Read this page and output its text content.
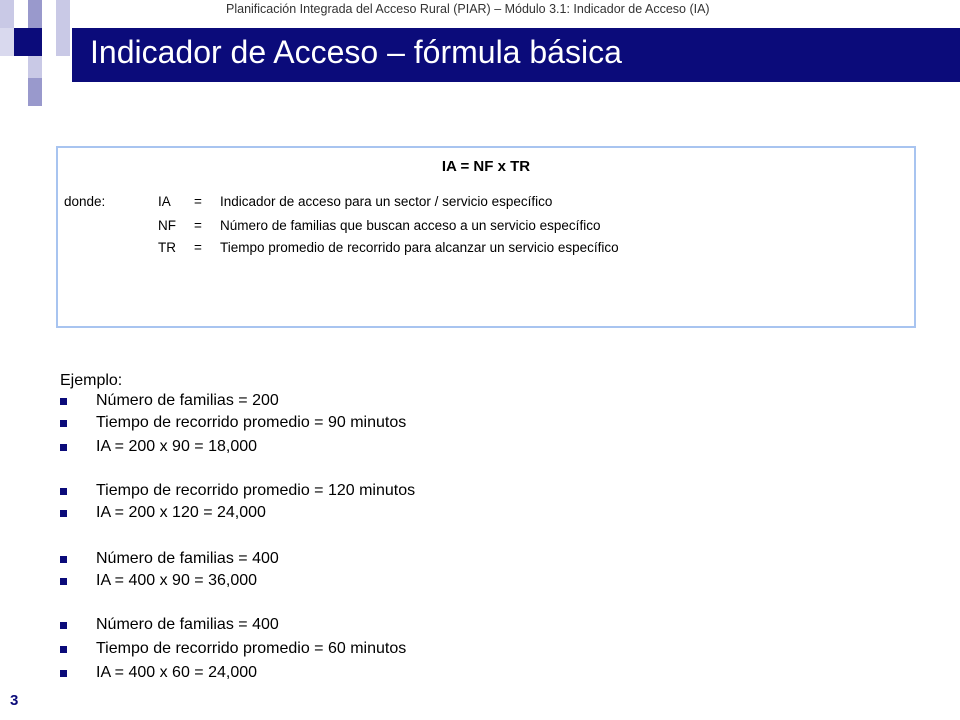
Planificación Integrada del Acceso Rural (PIAR) – Módulo 3.1: Indicador de Acceso (IA)
Indicador de Acceso – fórmula básica
IA = NF x TR
donde:	IA = Indicador de acceso para un sector / servicio específico
NF = Número de familias que buscan acceso a un servicio específico
TR = Tiempo promedio de recorrido para alcanzar un servicio específico
Ejemplo:
Número de familias = 200
Tiempo de recorrido promedio = 90 minutos
IA = 200 x 90 = 18,000
Tiempo de recorrido promedio = 120 minutos
IA = 200 x 120 = 24,000
Número de familias = 400
IA = 400 x 90 = 36,000
Número de familias = 400
Tiempo de recorrido promedio = 60 minutos
IA = 400 x 60 = 24,000
3
